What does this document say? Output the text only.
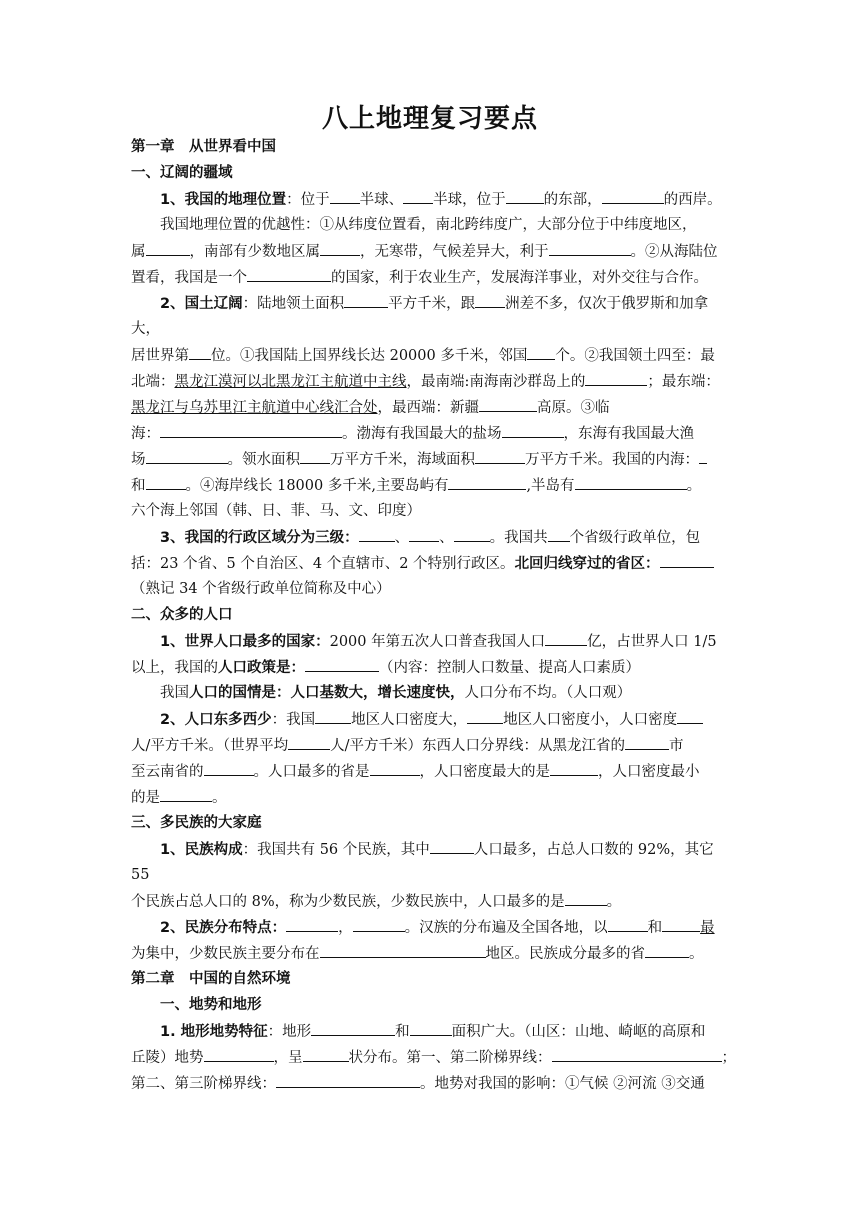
八上地理复习要点
第一章　从世界看中国
一、辽阔的疆域
1、我国的地理位置：位于 半球、 半球，位于	的东部，	的西岸。
我国地理位置的优越性：①从纬度位置看，南北跨纬度广，大部分位于中纬度地区，
属	，南部有少数地区属	，无寒带，气候差异大，利于	。②从海陆位
置看，我国是一个	的国家，利于农业生产，发展海洋事业，对外交往与合作。
2、国土辽阔：陆地领土面积	平方千米，跟 洲差不多，仅次于俄罗斯和加拿
大，
居世界第 位。①我国陆上国界线长达 20000 多千米，邻国 个。②我国领土四至：最
北端：黑龙江漠河以北黑龙江主航道中主线，最南端:南海南沙群岛上的	；最东端：
黑龙江与乌苏里江主航道中心线汇合处，最西端：新疆	高原。③临
海：	。渤海有我国最大的盐场	，东海有我国最大渔
场	。领水面积 万平方千米，海域面积	万平方千米。我国的内海：
和	。④海岸线长 18000 多千米,主要岛屿有	,半岛有	。
六个海上邻国（韩、日、菲、马、文、印度）
3、我国的行政区域分为三级： 、 、 。我国共 个省级行政单位，包
括：23 个省、5 个自治区、4 个直辖市、2 个特别行政区。北回归线穿过的省区：
（熟记 34 个省级行政单位简称及中心）
二、众多的人口
1、世界人口最多的国家：2000 年第五次人口普查我国人口	亿，占世界人口 1/5
以上，我国的人口政策是：	（内容：控制人口数量、提高人口素质）
我国人口的国情是：人口基数大，增长速度快，人口分布不均。（人口观）
2、人口东多西少：我国 地区人口密度大， 地区人口密度小，人口密度
人/平方千米。（世界平均	人/平方千米）东西人口分界线：从黑龙江省的	市
至云南省的	。人口最多的省是	，人口密度最大的是	，人口密度最小
的是	。
三、多民族的大家庭
1、民族构成：我国共有 56 个民族，其中	人口最多，占总人口数的 92%，其它
55
个民族占总人口的 8%，称为少数民族，少数民族中，人口最多的是	。
2、民族分布特点：	，	。汉族的分布遍及全国各地，以	和	最
为集中，少数民族主要分布在	地区。民族成分最多的省	。
第二章　中国的自然环境
一、地势和地形
1. 地形地势特征：地形	和	面积广大。（山区：山地、崎岖的高原和
丘陵）地势	，呈	状分布。第一、第二阶梯界线：	；
第二、第三阶梯界线：	。地势对我国的影响：①气候 ②河流 ③交通
